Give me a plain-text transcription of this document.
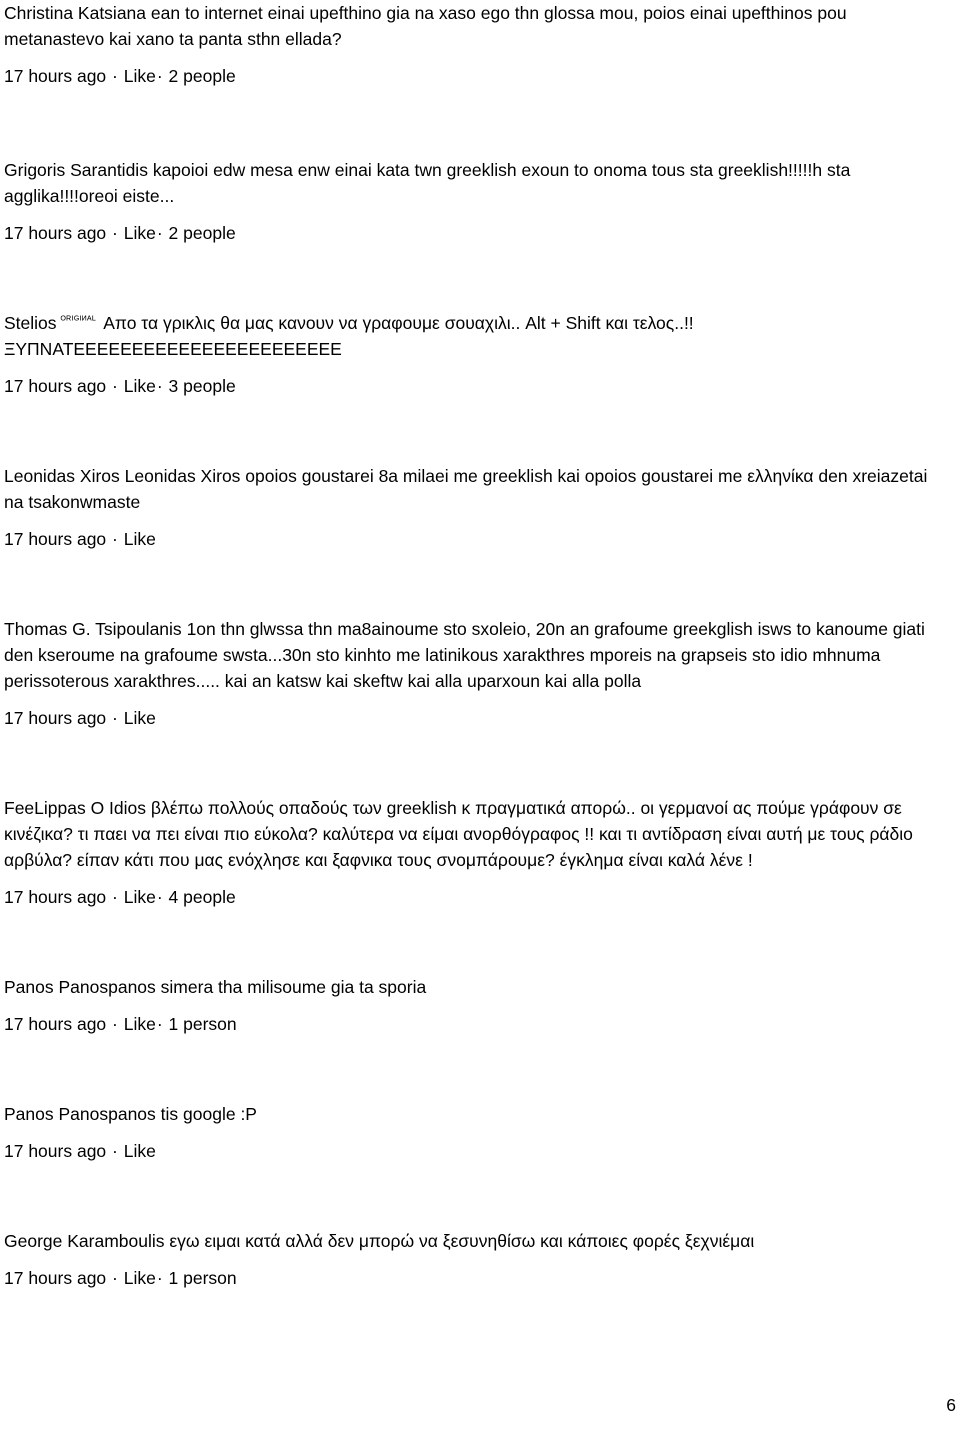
Christina Katsiana ean to internet einai upefthino gia na xaso ego thn glossa mou, poios einai upefthinos pou metanastevo kai xano ta panta sthn ellada?

17 hours ago · Like· 2 people

Grigoris Sarantidis kapoioi edw mesa enw einai kata twn greeklish exoun to onoma tous sta greeklish!!!!!h sta agglika!!!!oreoi eiste...

17 hours ago · Like· 2 people

Stelios $^{ᴼᴿᴵᴳᴵᴻᴬᴸ}$ Απο τα γρικλις θα μας κανουν να γραφουμε σουαχιλι.. Alt + Shift και τελος..!! ΞΥΠΝΑΤΕΕΕΕΕΕΕΕΕΕΕΕΕΕΕΕΕΕΕΕΕΕΕ

17 hours ago · Like· 3 people

Leonidas Xiros Leonidas Xiros opoios goustarei 8a milaei me greeklish kai opoios goustarei me ελληνίκα den xreiazetai na tsakonwmaste

17 hours ago · Like

Thomas G. Tsipoulanis 1on thn glwssa thn ma8ainoume sto sxoleio, 20n an grafoume greekglish isws to kanoume giati den kseroume na grafoume swsta...30n sto kinhto me latinikous xarakthres mporeis na grapseis sto idio mhnuma perissoterous xarakthres..... kai an katsw kai skeftw kai alla uparxoun kai alla polla

17 hours ago · Like

FeeLippas O Idios βλέπω πολλούς οπαδούς των greeklish κ πραγματικά απορώ.. οι γερμανοί ας πούμε γράφουν σε κινέζικα? τι παει να πει είναι πιο εύκολα? καλύτερα να είμαι ανορθόγραφος !! και τι αντίδραση είναι αυτή με τους ράδιο αρβύλα? είπαν κάτι που μας ενόχλησε και ξαφνικα τους σνομπάρουμε? έγκλημα είναι καλά λένε !

17 hours ago · Like· 4 people

Panos Panospanos simera tha milisoume gia ta sporia

17 hours ago · Like· 1 person

Panos Panospanos tis google :P

17 hours ago · Like

George Karamboulis εγω ειμαι κατά αλλά δεν μπορώ να ξεσυνηθίσω και κάποιες φορές ξεχνιέμαι

17 hours ago · Like· 1 person
6
